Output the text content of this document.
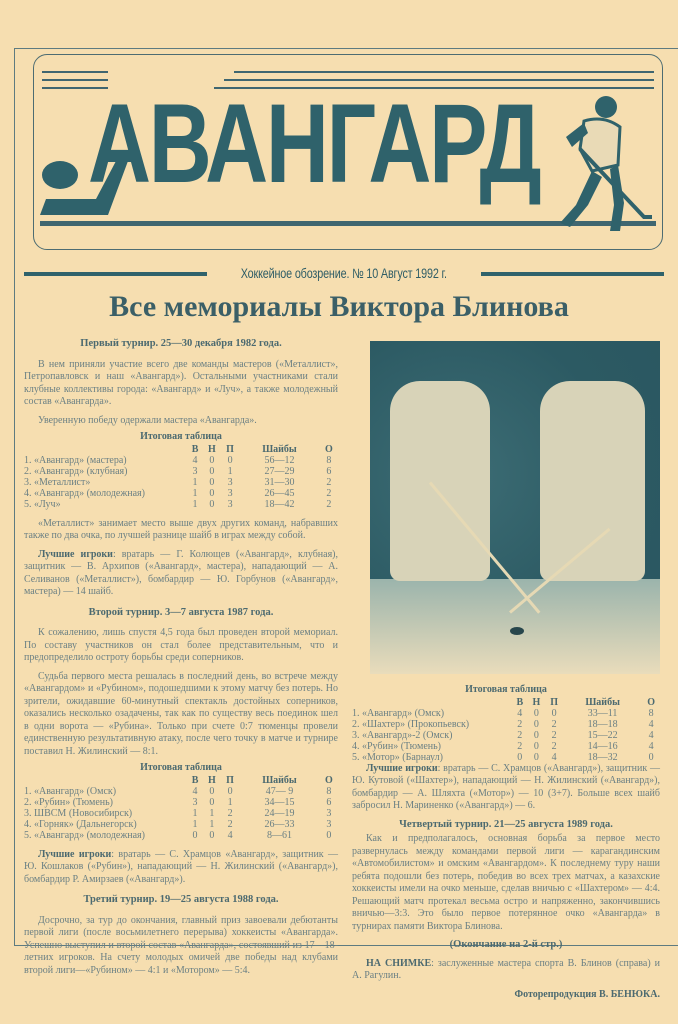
АВАНГАРД
Хоккейное обозрение. № 10 Август 1992 г.
Все мемориалы Виктора Блинова
Первый турнир. 25—30 декабря 1982 года.

В нем приняли участие всего две команды мастеров («Металлист», Петропавловск и наш «Авангард»). Остальными участниками стали клубные коллективы города: «Авангард» и «Луч», а также молодежный состав «Авангарда».

Уверенную победу одержали мастера «Авангарда».

Итоговая таблица
	В	Н	П	Шайбы	О
1. «Авангард» (мастера)	4	0	0	56—12	8
2. «Авангард» (клубная)	3	0	1	27—29	6
3. «Металлист»	1	0	3	31—30	2
4. «Авангард» (молодежная)	1	0	3	26—45	2
5. «Луч»	1	0	3	18—42	2

«Металлист» занимает место выше двух других команд, набравших также по два очка, по лучшей разнице шайб в играх между собой.

Лучшие игроки: вратарь — Г. Колющев («Авангард», клубная), защитник — В. Архипов («Авангард», мастера), нападающий — А. Селиванов («Металлист»), бомбардир — Ю. Горбунов («Авангард», мастера) — 14 шайб.

Второй турнир. 3—7 августа 1987 года.

К сожалению, лишь спустя 4,5 года был проведен второй мемориал. По составу участников он стал более представительным, что и предопределило остроту борьбы среди соперников.

Судьба первого места решалась в последний день, во встрече между «Авангардом» и «Рубином», подошедшими к этому матчу без потерь. Но зрители, ожидавшие 60-минутный спектакль достойных соперников, оказались несколько озадачены, так как по существу весь поединок шел в одни ворота — «Рубина». Только при счете 0:7 тюменцы провели единственную результативную атаку, после чего точку в матче и турнире поставил Н. Жилинский — 8:1.

Итоговая таблица
	В	Н	П	Шайбы	О
1. «Авангард» (Омск)	4	0	0	47— 9	8
2. «Рубин» (Тюмень)	3	0	1	34—15	6
3. ШВСМ (Новосибирск)	1	1	2	24—19	3
4. «Горняк» (Дальнегорск)	1	1	2	26—33	3
5. «Авангард» (молодежная)	0	0	4	8—61	0

Лучшие игроки: вратарь — С. Храмцов «Авангард», защитник — Ю. Кошлаков («Рубин»), нападающий — Н. Жилинский («Авангард»), бомбардир Р. Амирзаев («Авангард»).

Третий турнир. 19—25 августа 1988 года.

Досрочно, за тур до окончания, главный приз завоевали дебютанты первой лиги (после восьмилетнего перерыва) хоккеисты «Авангарда». Успешно выступил и второй состав «Авангарда», состоявший из 17—18-летних игроков. На счету молодых омичей две победы над клубами второй лиги—«Рубином» — 4:1 и «Мотором» — 5:4.

Итоговая таблица
	В	Н	П	Шайбы	О
1. «Авангард» (Омск)	4	0	0	33—11	8
2. «Шахтер» (Прокопьевск)	2	0	2	18—18	4
3. «Авангард»-2 (Омск)	2	0	2	15—22	4
4. «Рубин» (Тюмень)	2	0	2	14—16	4
5. «Мотор» (Барнаул)	0	0	4	18—32	0

Лучшие игроки: вратарь — С. Храмцов («Авангард»), защитник — Ю. Кутовой («Шахтер»), нападающий — Н. Жилинский («Авангард»), бомбардир — А. Шляхта («Мотор») — 10 (3+7). Больше всех шайб забросил Н. Мариненко («Авангард») — 6.

Четвертый турнир. 21—25 августа 1989 года.

Как и предполагалось, основная борьба за первое место развернулась между командами первой лиги — карагандинским «Автомобилистом» и омским «Авангардом». К последнему туру наши ребята подошли без потерь, победив во всех трех матчах, а казахские хоккеисты имели на очко меньше, сделав вничью с «Шахтером» — 4:4. Решающий матч протекал весьма остро и напряженно, закончившись вничью—3:3. Это было первое потерянное очко «Авангарда» в турнирах памяти Виктора Блинова.

(Окончание на 2-й стр.)

НА СНИМКЕ: заслуженные мастера спорта В. Блинов (справа) и А. Рагулин.

Фоторепродукция В. БЕНЮКА.
